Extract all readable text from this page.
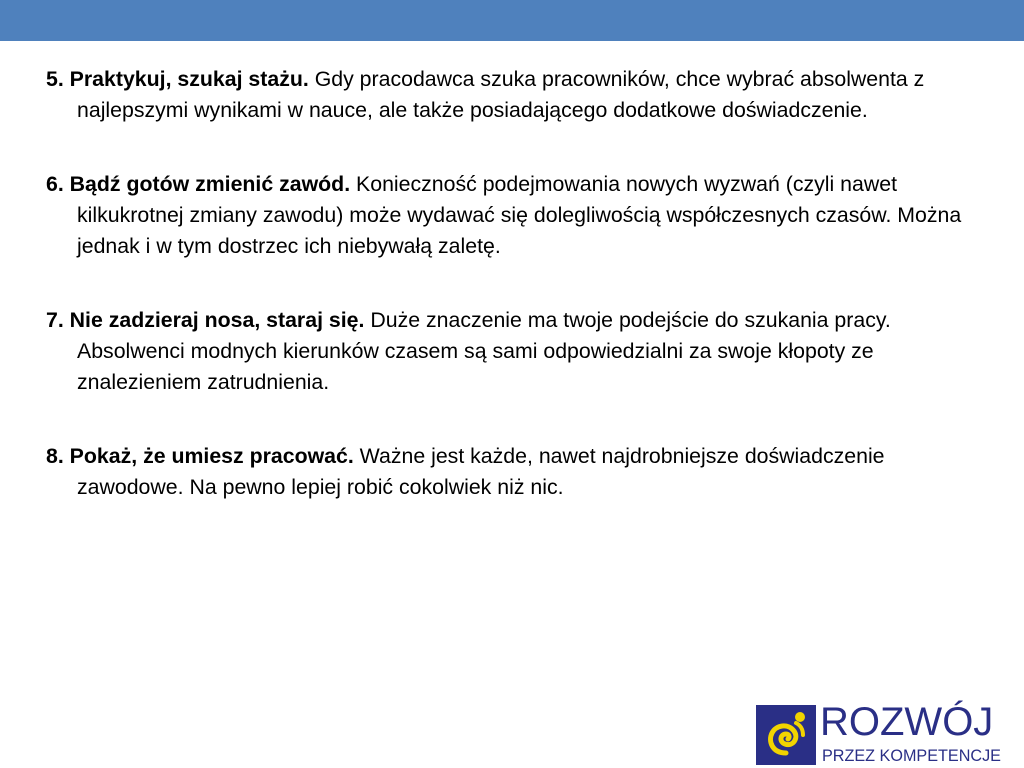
5. Praktykuj, szukaj stażu. Gdy pracodawca szuka pracowników, chce wybrać absolwenta z najlepszymi wynikami w nauce, ale także posiadającego dodatkowe doświadczenie.

6. Bądź gotów zmienić zawód. Konieczność podejmowania nowych wyzwań (czyli nawet kilkukrotnej zmiany zawodu) może wydawać się dolegliwością współczesnych czasów. Można jednak i w tym dostrzec ich niebywałą zaletę.

7. Nie zadzieraj nosa, staraj się. Duże znaczenie ma twoje podejście do szukania pracy. Absolwenci modnych kierunków czasem są sami odpowiedzialni za swoje kłopoty ze znalezieniem zatrudnienia.

8. Pokaż, że umiesz pracować. Ważne jest każde, nawet najdrobniejsze doświadczenie zawodowe. Na pewno lepiej robić cokolwiek niż nic.

ROZWÓJ
PRZEZ KOMPETENCJE
